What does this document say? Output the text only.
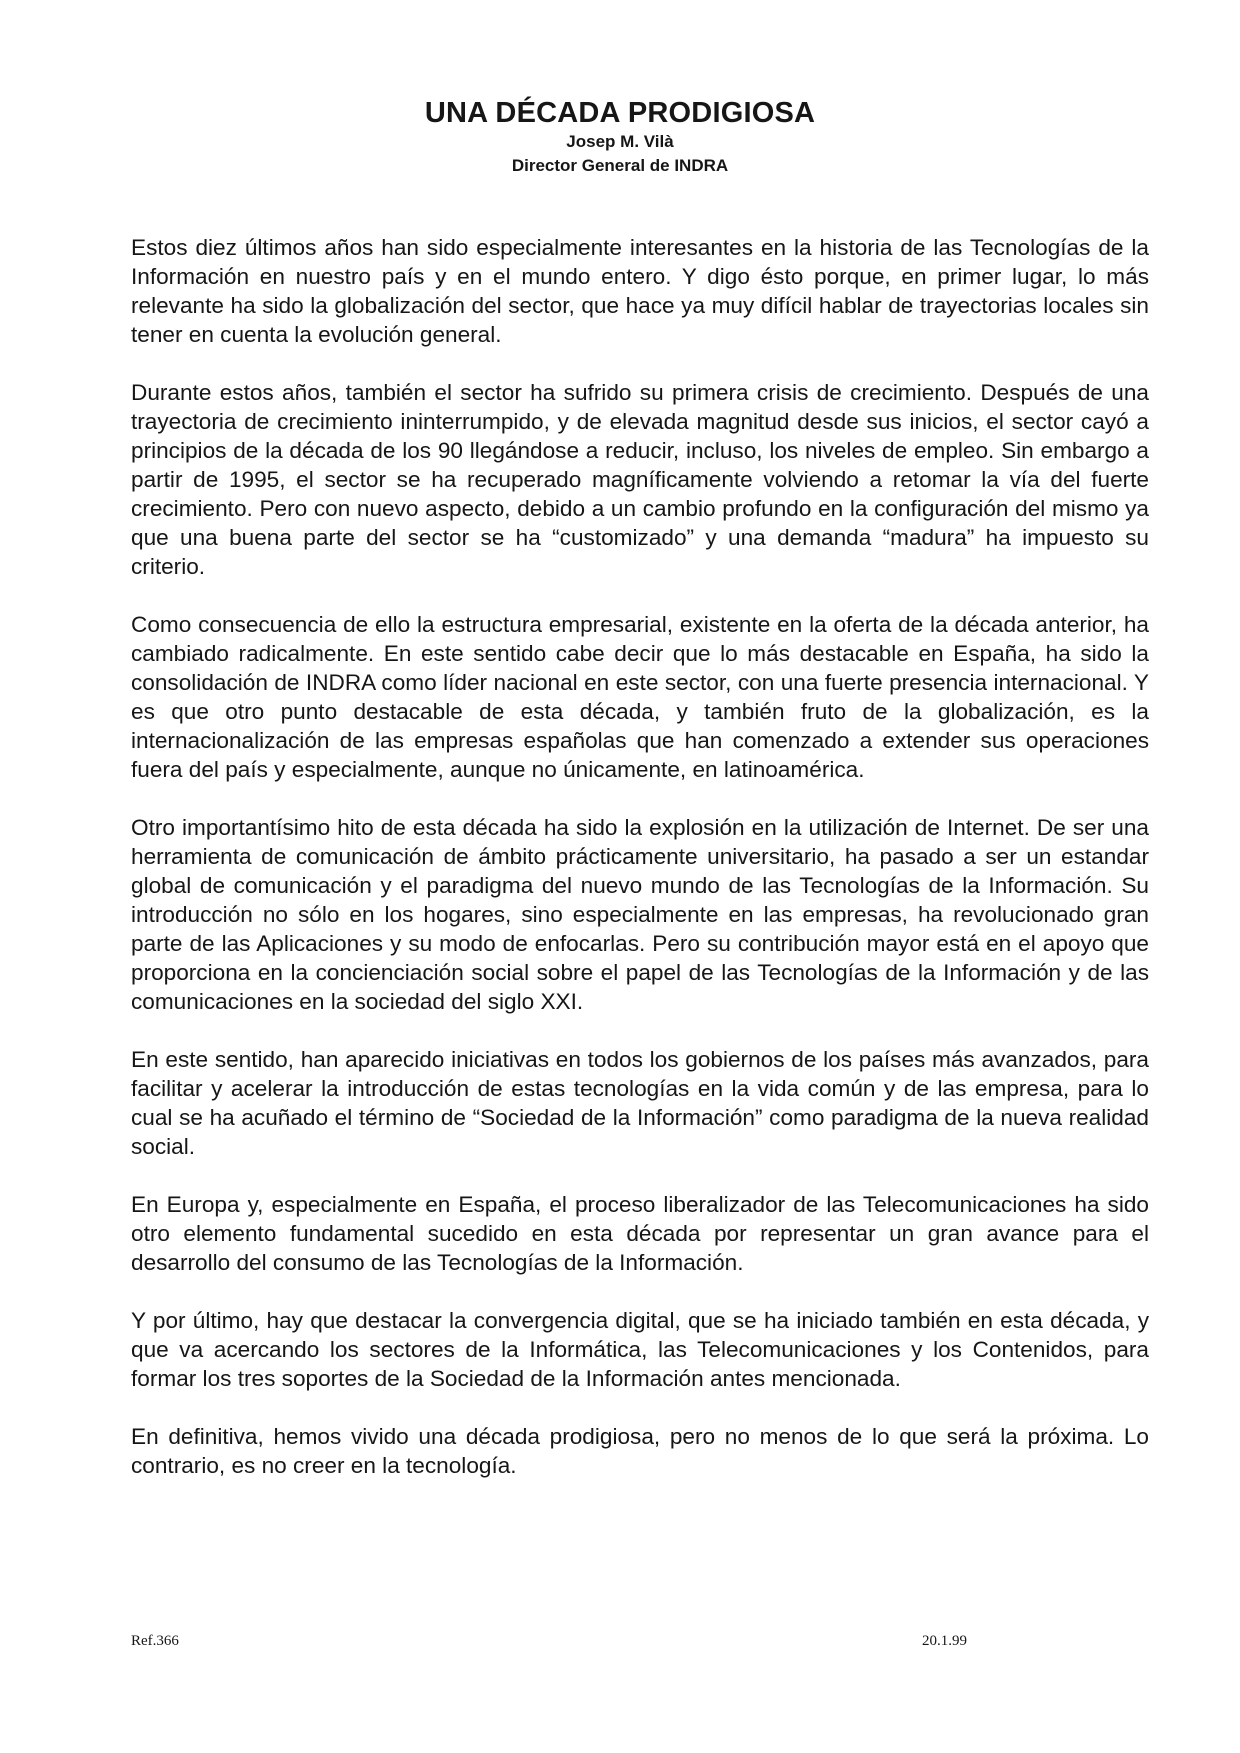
UNA DÉCADA PRODIGIOSA

Josep M. Vilà

Director General de INDRA

Estos diez últimos años han sido especialmente interesantes en la historia de las Tecnologías de la Información en nuestro país y en el mundo entero. Y digo ésto porque, en primer lugar, lo más relevante ha sido la globalización del sector, que hace ya muy difícil hablar de trayectorias locales sin tener en cuenta la evolución general.

Durante estos años, también el sector ha sufrido su primera crisis de crecimiento. Después de una trayectoria de crecimiento ininterrumpido, y de elevada magnitud desde sus inicios, el sector cayó a principios de la década de los 90 llegándose a reducir, incluso, los niveles de empleo. Sin embargo a partir de 1995, el sector se ha recuperado magníficamente volviendo a retomar la vía del fuerte crecimiento. Pero con nuevo aspecto, debido a un cambio profundo en la configuración del mismo ya que una buena parte del sector se ha “customizado” y una demanda “madura” ha impuesto su criterio.

Como consecuencia de ello la estructura empresarial, existente en la oferta de la década anterior, ha cambiado radicalmente. En este sentido cabe decir que lo más destacable en España, ha sido la consolidación de INDRA como líder nacional en este sector, con una fuerte presencia internacional. Y es que otro punto destacable de esta década, y también fruto de la globalización, es la internacionalización de las empresas españolas que han comenzado a extender sus operaciones fuera del país y especialmente, aunque no únicamente, en latinoamérica.

Otro importantísimo hito de esta década ha sido la explosión en la utilización de Internet. De ser una herramienta de comunicación de ámbito prácticamente universitario, ha pasado a ser un estandar global de comunicación y el paradigma del nuevo mundo de las Tecnologías de la Información. Su introducción no sólo en los hogares, sino especialmente en las empresas, ha revolucionado gran parte de las Aplicaciones y su modo de enfocarlas. Pero su contribución mayor está en el apoyo que proporciona en la concienciación social sobre el papel de las Tecnologías de la Información y de las comunicaciones en la sociedad del siglo XXI.

En este sentido, han aparecido iniciativas en todos los gobiernos de los países más avanzados, para facilitar y acelerar la introducción de estas tecnologías en la vida común y de las empresa, para lo cual se ha acuñado el término de “Sociedad de la Información” como paradigma de la nueva realidad social.

En Europa y, especialmente en España, el proceso liberalizador de las Telecomunicaciones ha sido otro elemento fundamental sucedido en esta década por representar un gran avance para el desarrollo del consumo de las Tecnologías de la Información.

Y por último, hay que destacar la convergencia digital, que se ha iniciado también en esta década, y que va acercando los sectores de la Informática, las Telecomunicaciones y los Contenidos, para formar los tres soportes de la Sociedad de la Información antes mencionada.

En definitiva, hemos vivido una década prodigiosa, pero no menos de lo que será la próxima. Lo contrario, es no creer en la tecnología.

Ref.366	20.1.99
